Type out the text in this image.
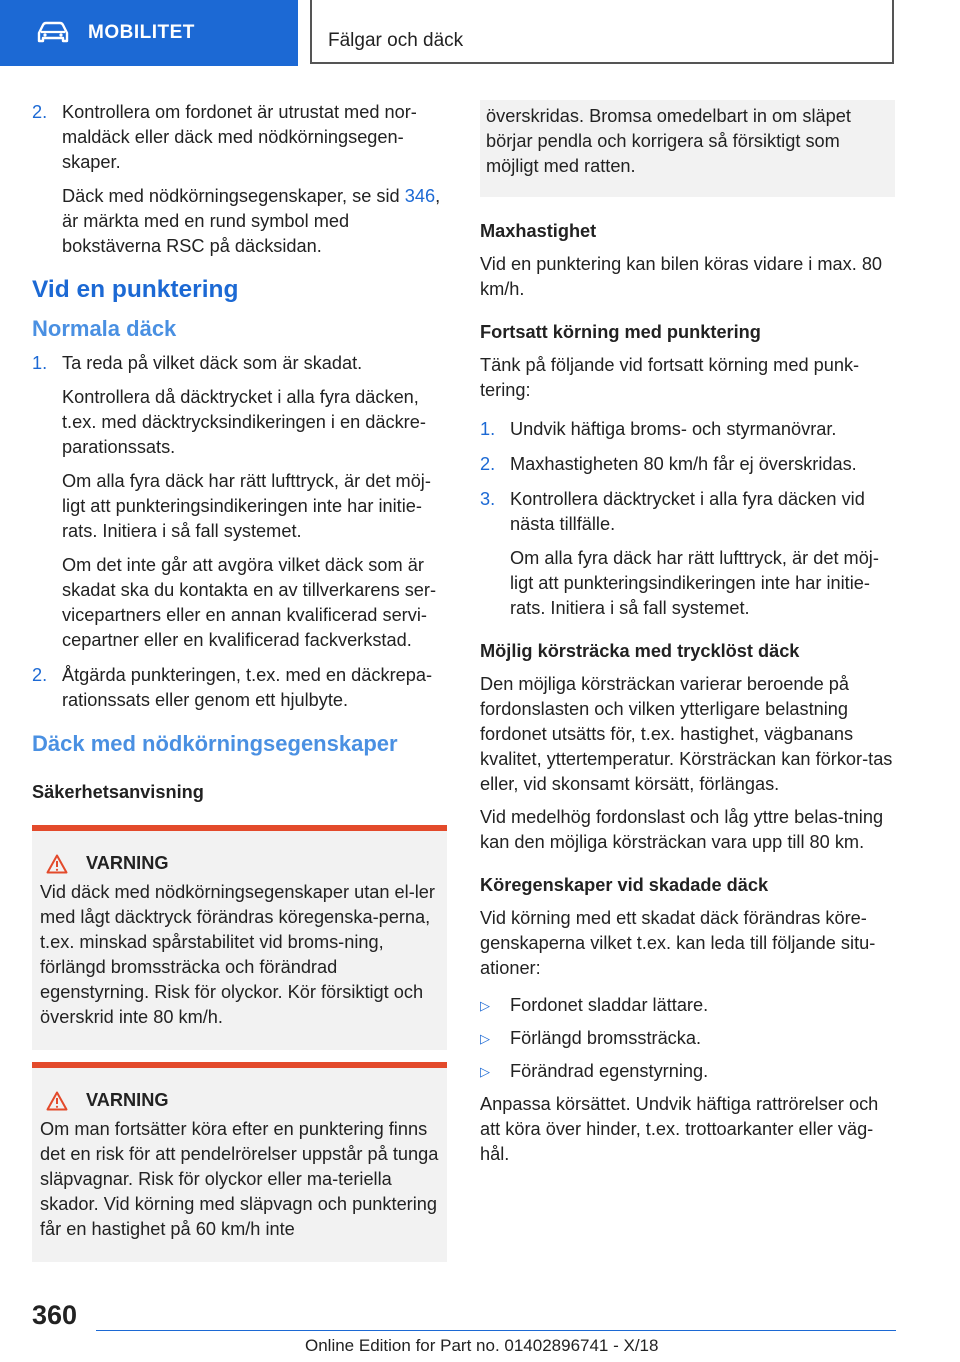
MOBILITET	Fälgar och däck
2. Kontrollera om fordonet är utrustat med nor-maldäck eller däck med nödkörningsegen-skaper.

Däck med nödkörningsegenskaper, se sid 346, är märkta med en rund symbol med bokstäverna RSC på däcksidan.

Vid en punktering
Normala däck
1. Ta reda på vilket däck som är skadat.

Kontrollera då däcktrycket i alla fyra däcken, t.ex. med däcktrycksindikeringen i en däckre-parationssats.

Om alla fyra däck har rätt lufttryck, är det möj-ligt att punkteringsindikeringen inte har initie-rats. Initiera i så fall systemet.

Om det inte går att avgöra vilket däck som är skadat ska du kontakta en av tillverkarens ser-vicepartners eller en annan kvalificerad servi-cepartner eller en kvalificerad fackverkstad.

2. Åtgärda punkteringen, t.ex. med en däckrepa-rationssats eller genom ett hjulbyte.

Däck med nödkörningsegenskaper
Säkerhetsanvisning
VARNING

Vid däck med nödkörningsegenskaper utan el-ler med lågt däcktryck förändras köregenska-perna, t.ex. minskad spårstabilitet vid broms-ning, förlängd bromssträcka och förändrad egenstyrning. Risk för olyckor. Kör försiktigt och överskrid inte 80 km/h.

VARNING

Om man fortsätter köra efter en punktering finns det en risk för att pendelrörelser uppstår på tunga släpvagnar. Risk för olyckor eller ma-teriella skador. Vid körning med släpvagn och punktering får en hastighet på 60 km/h inte

överskridas. Bromsa omedelbart in om släpet börjar pendla och korrigera så försiktigt som möjligt med ratten.

Maxhastighet

Vid en punktering kan bilen köras vidare i max. 80 km/h.

Fortsatt körning med punktering

Tänk på följande vid fortsatt körning med punk-tering:

1. Undvik häftiga broms- och styrmanövrar.

2. Maxhastigheten 80 km/h får ej överskridas.

3. Kontrollera däcktrycket i alla fyra däcken vid nästa tillfälle.

Om alla fyra däck har rätt lufttryck, är det möj-ligt att punkteringsindikeringen inte har initie-rats. Initiera i så fall systemet.

Möjlig körsträcka med trycklöst däck

Den möjliga körsträckan varierar beroende på fordonslasten och vilken ytterligare belastning fordonet utsätts för, t.ex. hastighet, vägbanans kvalitet, yttertemperatur. Körsträckan kan förkor-tas eller, vid skonsamt körsätt, förlängas.

Vid medelhög fordonslast och låg yttre belas-tning kan den möjliga körsträckan vara upp till 80 km.

Köregenskaper vid skadade däck

Vid körning med ett skadat däck förändras köre-genskaperna vilket t.ex. kan leda till följande situ-ationer:

▷ Fordonet sladdar lättare.
▷ Förlängd bromssträcka.
▷ Förändrad egenstyrning.

Anpassa körsättet. Undvik häftiga rattrörelser och att köra över hinder, t.ex. trottoarkanter eller väg-hål.

360
Online Edition for Part no. 01402896741 - X/18
